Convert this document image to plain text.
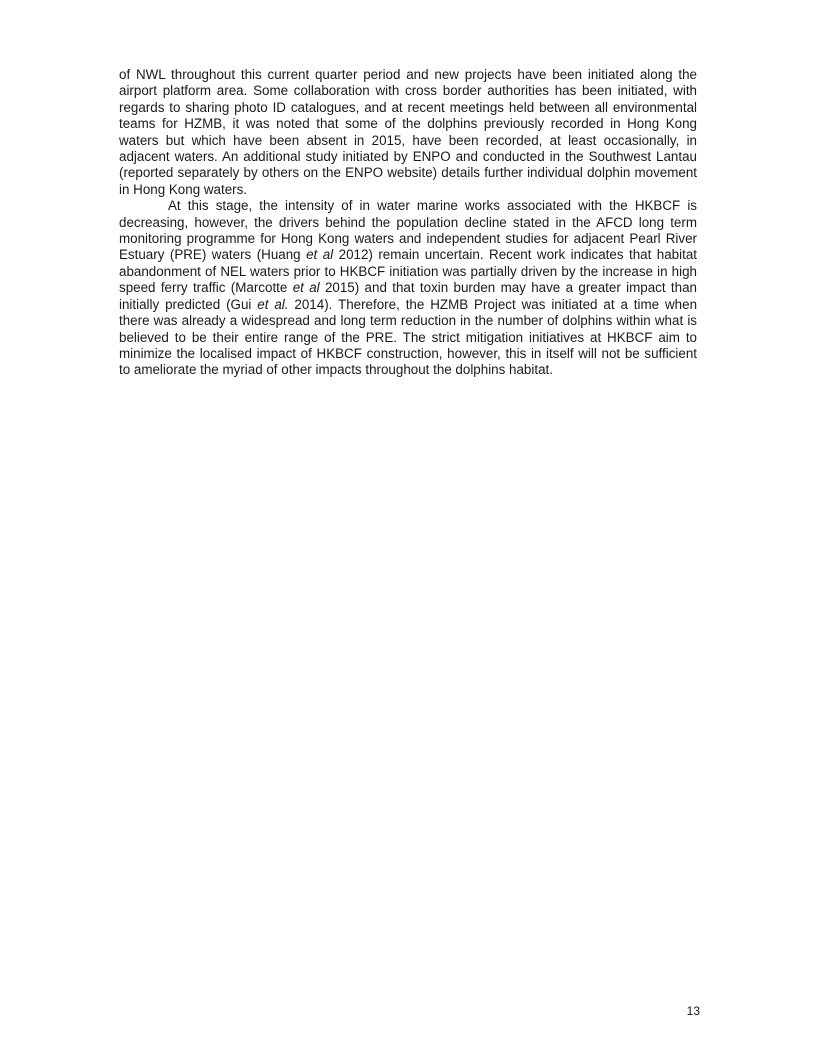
of NWL throughout this current quarter period and new projects have been initiated along the airport platform area. Some collaboration with cross border authorities has been initiated, with regards to sharing photo ID catalogues, and at recent meetings held between all environmental teams for HZMB, it was noted that some of the dolphins previously recorded in Hong Kong waters but which have been absent in 2015, have been recorded, at least occasionally, in adjacent waters. An additional study initiated by ENPO and conducted in the Southwest Lantau (reported separately by others on the ENPO website) details further individual dolphin movement in Hong Kong waters.

At this stage, the intensity of in water marine works associated with the HKBCF is decreasing, however, the drivers behind the population decline stated in the AFCD long term monitoring programme for Hong Kong waters and independent studies for adjacent Pearl River Estuary (PRE) waters (Huang et al 2012) remain uncertain. Recent work indicates that habitat abandonment of NEL waters prior to HKBCF initiation was partially driven by the increase in high speed ferry traffic (Marcotte et al 2015) and that toxin burden may have a greater impact than initially predicted (Gui et al. 2014). Therefore, the HZMB Project was initiated at a time when there was already a widespread and long term reduction in the number of dolphins within what is believed to be their entire range of the PRE. The strict mitigation initiatives at HKBCF aim to minimize the localised impact of HKBCF construction, however, this in itself will not be sufficient to ameliorate the myriad of other impacts throughout the dolphins habitat.

13
